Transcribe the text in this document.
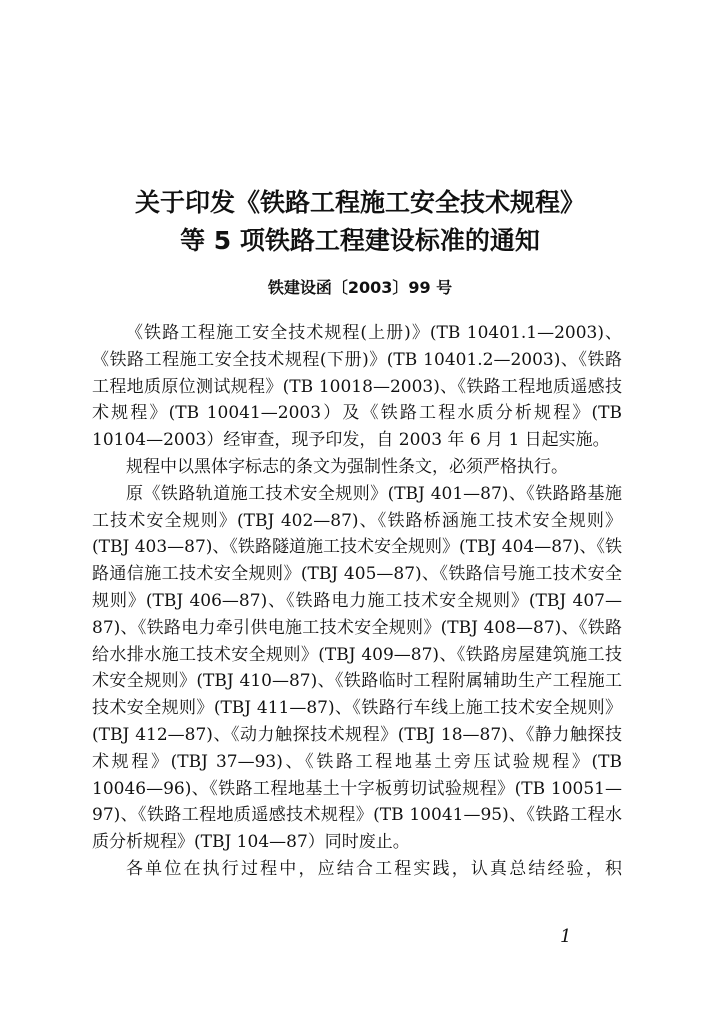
关于印发《铁路工程施工安全技术规程》
等 5 项铁路工程建设标准的通知
铁建设函〔2003〕99 号

《铁路工程施工安全技术规程(上册)》(TB 10401.1—2003)、《铁路工程施工安全技术规程(下册)》(TB 10401.2—2003)、《铁路工程地质原位测试规程》(TB 10018—2003)、《铁路工程地质遥感技术规程》(TB 10041—2003）及《铁路工程水质分析规程》(TB 10104—2003）经审查，现予印发，自 2003 年 6 月 1 日起实施。

规程中以黑体字标志的条文为强制性条文，必须严格执行。

原《铁路轨道施工技术安全规则》(TBJ 401—87)、《铁路路基施工技术安全规则》(TBJ 402—87)、《铁路桥涵施工技术安全规则》(TBJ 403—87)、《铁路隧道施工技术安全规则》(TBJ 404—87)、《铁路通信施工技术安全规则》(TBJ 405—87)、《铁路信号施工技术安全规则》(TBJ 406—87)、《铁路电力施工技术安全规则》(TBJ 407—87)、《铁路电力牵引供电施工技术安全规则》(TBJ 408—87)、《铁路给水排水施工技术安全规则》(TBJ 409—87)、《铁路房屋建筑施工技术安全规则》(TBJ 410—87)、《铁路临时工程附属辅助生产工程施工技术安全规则》(TBJ 411—87)、《铁路行车线上施工技术安全规则》(TBJ 412—87)、《动力触探技术规程》(TBJ 18—87)、《静力触探技术规程》(TBJ 37—93)、《铁路工程地基土旁压试验规程》(TB 10046—96)、《铁路工程地基土十字板剪切试验规程》(TB 10051—97)、《铁路工程地质遥感技术规程》(TB 10041—95)、《铁路工程水质分析规程》(TBJ 104—87）同时废止。

各单位在执行过程中，应结合工程实践，认真总结经验，积

1
